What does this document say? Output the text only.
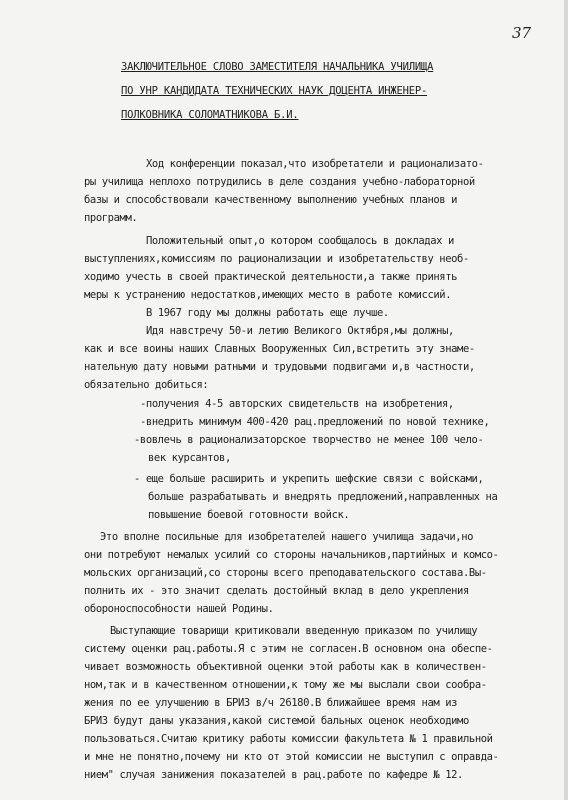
37
ЗАКЛЮЧИТЕЛЬНОЕ СЛОВО ЗАМЕСТИТЕЛЯ НАЧАЛЬНИКА УЧИЛИЩА
ПО УНР КАНДИДАТА ТЕХНИЧЕСКИХ НАУК ДОЦЕНТА ИНЖЕНЕР-
ПОЛКОВНИКА СОЛОМАТНИКОВА Б.И.
Ход конференции показал,что изобретатели и рационализато-
ры училища неплохо потрудились в деле создания учебно-лабораторной
базы и способствовали качественному выполнению учебных планов и
программ.
Положительный опыт,о котором сообщалось в докладах и
выступлениях,комиссиям по рационализации и изобретательству необ-
ходимо учесть в своей практической деятельности,а также принять
меры к устранению недостатков,имеющих место в работе комиссий.
В 1967 году мы должны работать еще лучше.
Идя навстречу 50-и летию Великого Октября,мы должны,
как и все воины наших Славных Вооруженных Сил,встретить эту знаме-
нательную дату новыми ратными и трудовыми подвигами и,в частности,
обязательно добиться:
-получения 4-5 авторских свидетельств на изобретения,
-внедрить минимум 400-420 рац.предложений по новой технике,
-вовлечь в рационализаторское творчество не менее 100 чело-
век курсантов,
- еще больше расширить и укрепить шефские связи с войсками,
больше разрабатывать и внедрять предложений,направленных на
повышение боевой готовности войск.
Это вполне посильные для изобретателей нашего училища задачи,но
они потребуют немалых усилий со стороны начальников,партийных и комсо-
мольских организаций,со стороны всего преподавательского состава.Вы-
полнить их - это значит сделать достойный вклад в дело укрепления
обороноспособности нашей Родины.
Выступающие товарищи критиковали введенную приказом по училищу
систему оценки рац.работы.Я с этим не согласен.В основном она обеспе-
чивает возможность объективной оценки этой работы как в количествен-
ном,так и в качественном отношении,к тому же мы выслали свои сообра-
жения по ее улучшению в БРИЗ в/ч 26180.В ближайшее время нам из
БРИЗ будут даны указания,какой системой бальных оценок необходимо
пользоваться.Считаю критику работы комиссии факультета № 1 правильной
и мне не понятно,почему ни кто от этой комиссии не выступил с оправда-
нием" случая занижения показателей в рац.работе по кафедре № 12.
